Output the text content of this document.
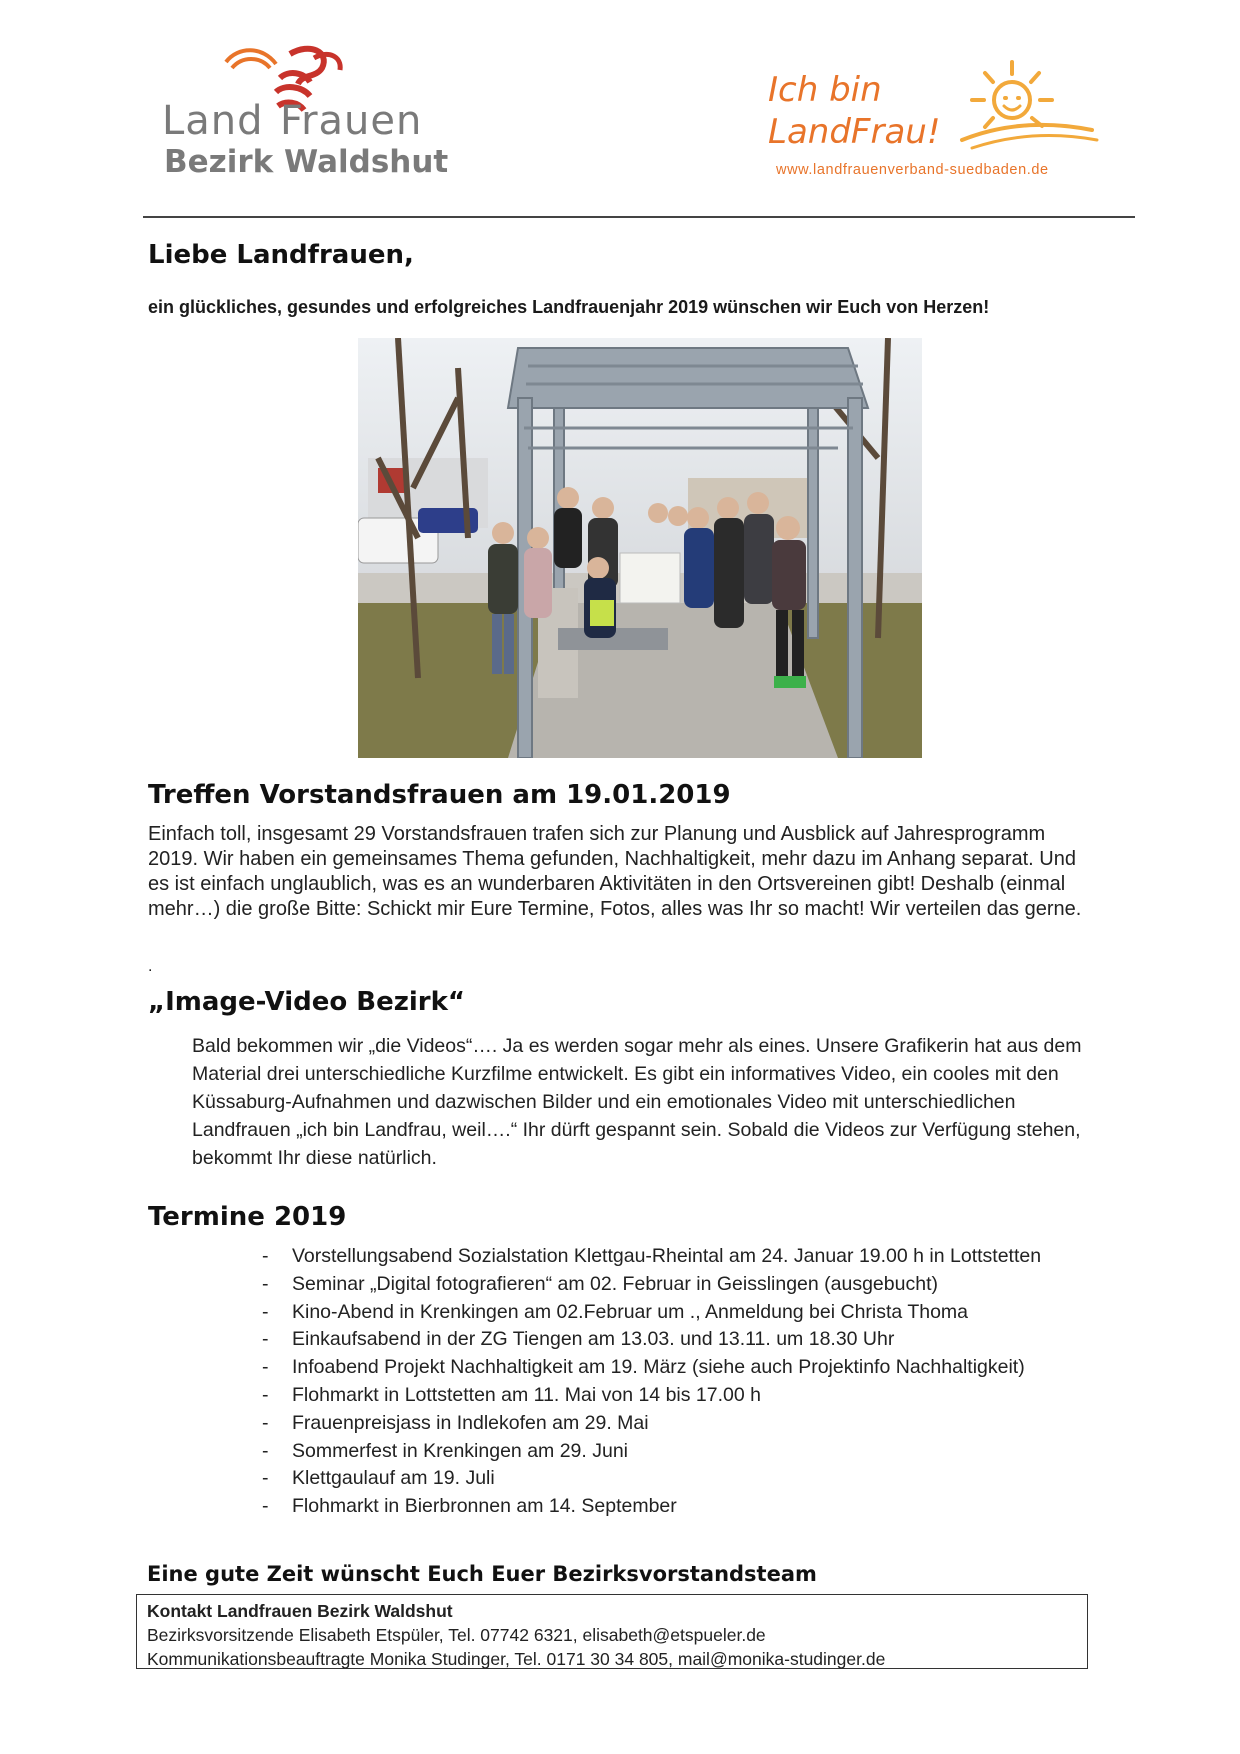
Land Frauen
Bezirk Waldshut
Ich bin
LandFrau!
www.landfrauenverband-suedbaden.de
Liebe Landfrauen,
ein glückliches, gesundes und erfolgreiches Landfrauenjahr 2019 wünschen wir Euch von Herzen!
Treffen Vorstandsfrauen am 19.01.2019
Einfach toll, insgesamt 29 Vorstandsfrauen trafen sich zur Planung und Ausblick auf Jahresprogramm 2019. Wir haben ein gemeinsames Thema gefunden, Nachhaltigkeit, mehr dazu im Anhang separat. Und es ist einfach unglaublich, was es an wunderbaren Aktivitäten in den Ortsvereinen gibt! Deshalb (einmal mehr…) die große Bitte: Schickt mir Eure Termine, Fotos, alles was Ihr so macht! Wir verteilen das gerne.
.
„Image-Video Bezirk“
Bald bekommen wir „die Videos“…. Ja es werden sogar mehr als eines. Unsere Grafikerin hat aus dem Material drei unterschiedliche Kurzfilme entwickelt. Es gibt ein informatives Video, ein cooles mit den Küssaburg-Aufnahmen und dazwischen Bilder und ein emotionales Video mit unterschiedlichen Landfrauen „ich bin Landfrau, weil….“ Ihr dürft gespannt sein. Sobald die Videos zur Verfügung stehen, bekommt Ihr diese natürlich.
Termine 2019
- Vorstellungsabend Sozialstation Klettgau-Rheintal am 24. Januar 19.00 h in Lottstetten
- Seminar „Digital fotografieren“ am 02. Februar in Geisslingen (ausgebucht)
- Kino-Abend in Krenkingen am 02.Februar um ., Anmeldung bei Christa Thoma
- Einkaufsabend in der ZG Tiengen am 13.03. und 13.11. um 18.30 Uhr
- Infoabend Projekt Nachhaltigkeit am 19. März (siehe auch Projektinfo Nachhaltigkeit)
- Flohmarkt in Lottstetten am 11. Mai von 14 bis 17.00 h
- Frauenpreisjass in Indlekofen am 29. Mai
- Sommerfest in Krenkingen am 29. Juni
- Klettgaulauf am 19. Juli
- Flohmarkt in Bierbronnen am 14. September
Eine gute Zeit wünscht Euch Euer Bezirksvorstandsteam
Kontakt Landfrauen Bezirk Waldshut
Bezirksvorsitzende Elisabeth Etspüler, Tel. 07742 6321, elisabeth@etspueler.de
Kommunikationsbeauftragte Monika Studinger, Tel. 0171 30 34 805, mail@monika-studinger.de
